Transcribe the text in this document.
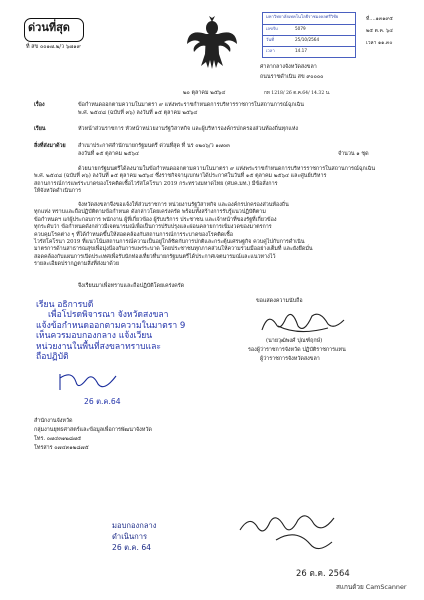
ด่วนที่สุด
ที่ สข ๐๐๑๗.๒/ว ๖๗๑๙
มหาวิทยาลัยเทคโนโลยีราชมงคลศรีวิชัย
เลขรับ	5079
วันที่	25/10/2564
เวลา	14.17
ที่....๑๓๑๙๕
๒๕ ต.ค. ๖๔
เวลา ๑๑.๓๐
ศาลากลางจังหวัดสงขลา
ถนนราชดำเนิน สข ๙๐๐๐๐
๒๐ ตุลาคม ๒๕๖๔	กท 1218/ 26 ต.ค.64/ 14.32 น.
เรื่อง	ข้อกำหนดออกตามความในมาตรา ๙ แห่งพระราชกำหนดการบริหารราชการในสถานการณ์ฉุกเฉิน
พ.ศ. ๒๕๔๘ (ฉบับที่ ๓๖) ลงวันที่ ๑๕ ตุลาคม ๒๕๖๔
เรียน	หัวหน้าส่วนราชการ หัวหน้าหน่วยงานรัฐวิสาหกิจ และผู้บริหารองค์กรปกครองส่วนท้องถิ่นทุกแห่ง
สิ่งที่ส่งมาด้วย สำเนาประกาศสำนักนายกรัฐมนตรี ด่วนที่สุด ที่ นร ๐๒๐๖/ว ๑๗๐๓
ลงวันที่ ๑๕ ตุลาคม ๒๕๖๔	จำนวน ๑ ชุด
ด้วยนายกรัฐมนตรีได้ลงนามในข้อกำหนดออกตามความในมาตรา ๙ แห่งพระราชกำหนดการบริหารราชการในสถานการณ์ฉุกเฉิน
พ.ศ. ๒๕๔๘ (ฉบับที่ ๓๖) ลงวันที่ ๑๕ ตุลาคม ๒๕๖๔ ซึ่งราชกิจจานุเบกษาได้ประกาศในวันที่ ๑๕ ตุลาคม ๒๕๖๔ และศูนย์บริหาร
สถานการณ์การแพร่ระบาดของโรคติดเชื้อไวรัสโคโรนา 2019 กระทรวงมหาดไทย (ศบค.มท.) มีข้อสั่งการ
ให้จังหวัดดำเนินการ
จังหวัดสงขลาจึงขอแจ้งให้ส่วนราชการ หน่วยงานรัฐวิสาหกิจ และองค์กรปกครองส่วนท้องถิ่น
ทุกแห่ง ทราบและถือปฏิบัติตามข้อกำหนด ดังกล่าวโดยเคร่งครัด พร้อมทั้งสร้างการรับรู้แนวปฏิบัติตาม
ข้อกำหนดฯ แก่ผู้ประกอบการ พนักงาน ผู้ที่เกี่ยวข้อง ผู้รับบริการ ประชาชน และเจ้าหน้าที่ของรัฐที่เกี่ยวข้อง
ทุกระดับว่า ข้อกำหนดดังกล่าวมีเจตนารมณ์เพื่อเป็นการปรับปรุงและผ่อนคลายการเข้มงวดของมาตรการ
ควบคุมโรคต่าง ๆ ที่ได้กำหนดขึ้นให้สอดคล้องกับสถานการณ์การระบาดของโรคติดเชื้อ
ไวรัสโคโรนา 2019 ที่แนวโน้มสถานการณ์ความเป็นอยู่ใกล้ชิดกับการปกติและกระตุ้นเศรษฐกิจ ควบคู่ไปกับการดำเนิน
มาตรการด้านสาธารณสุขเพื่อมุ่งป้องกันการแพร่ระบาด โดยประชาชนทุกภาคส่วนให้ความร่วมมืออย่างเต็มที่ และยังยึดมั่น
สอดคล้องกับแผนการเปิดประเทศเพื่อรับนักท่องเที่ยวที่นายกรัฐมนตรีได้ประกาศเจตนารมณ์และแนวทางไว้
รายละเอียดปรากฏตามสิ่งที่ส่งมาด้วย
จึงเรียนมาเพื่อทราบและถือปฏิบัติโดยเคร่งครัด
ขอแสดงความนับถือ
เรียน อธิการบดี
เพื่อโปรดพิจารณา จังหวัดสงขลา
แจ้งข้อกำหนดออกตามความในมาตรา 9
เห็นควรมอบกองกลาง แจ้งเวียน
หน่วยงานในพื้นที่สงขลาทราบและ
ถือปฏิบัติ
(นายวุฒิพงศ์ ปุณฑ์ฤกษ์)
รองผู้ว่าราชการจังหวัด ปฏิบัติราชการแทน
ผู้ว่าราชการจังหวัดสงขลา
26 ต.ค.64
สำนักงานจังหวัด
กลุ่มงานยุทธศาสตร์และข้อมูลเพื่อการพัฒนาจังหวัด
โทร. ๐๗๔๓๑๒๘๗๕
โทรสาร ๐๗๔๓๑๒๘๗๕
มอบกองกลาง
ดำเนินการ
26 ต.ค. 64
26 ต.ค. 2564
สแกนด้วย CamScanner
